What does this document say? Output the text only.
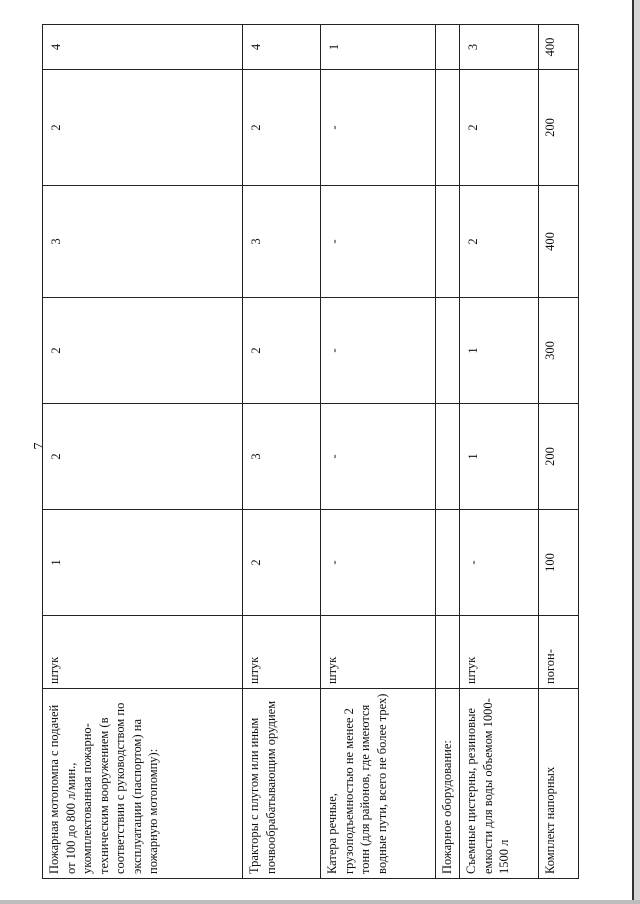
7
Пожарная мотопомпа с подачей от 100 до 800 л/мин., укомплектованная пожарно-техническим вооружением (в соответствии с руководством по эксплуатации (паспортом) на пожарную мотопомпу):	штук	1	2	2	3	2	4

Тракторы с плугом или иным почвообрабатывающим орудием	штук	2	3	2	3	2	4

Катера речные, грузоподъемностью не менее 2 тонн (для районов, где имеются водные пути, всего не более трех)	штук	-	-	-	-	-	1

Пожарное оборудование:		

Съемные цистерны, резиновые емкости для воды объемом 1000-1500 л	штук	-	1	1	2	2	3

Комплект напорных	погон-	100	200	300	400	200	400
